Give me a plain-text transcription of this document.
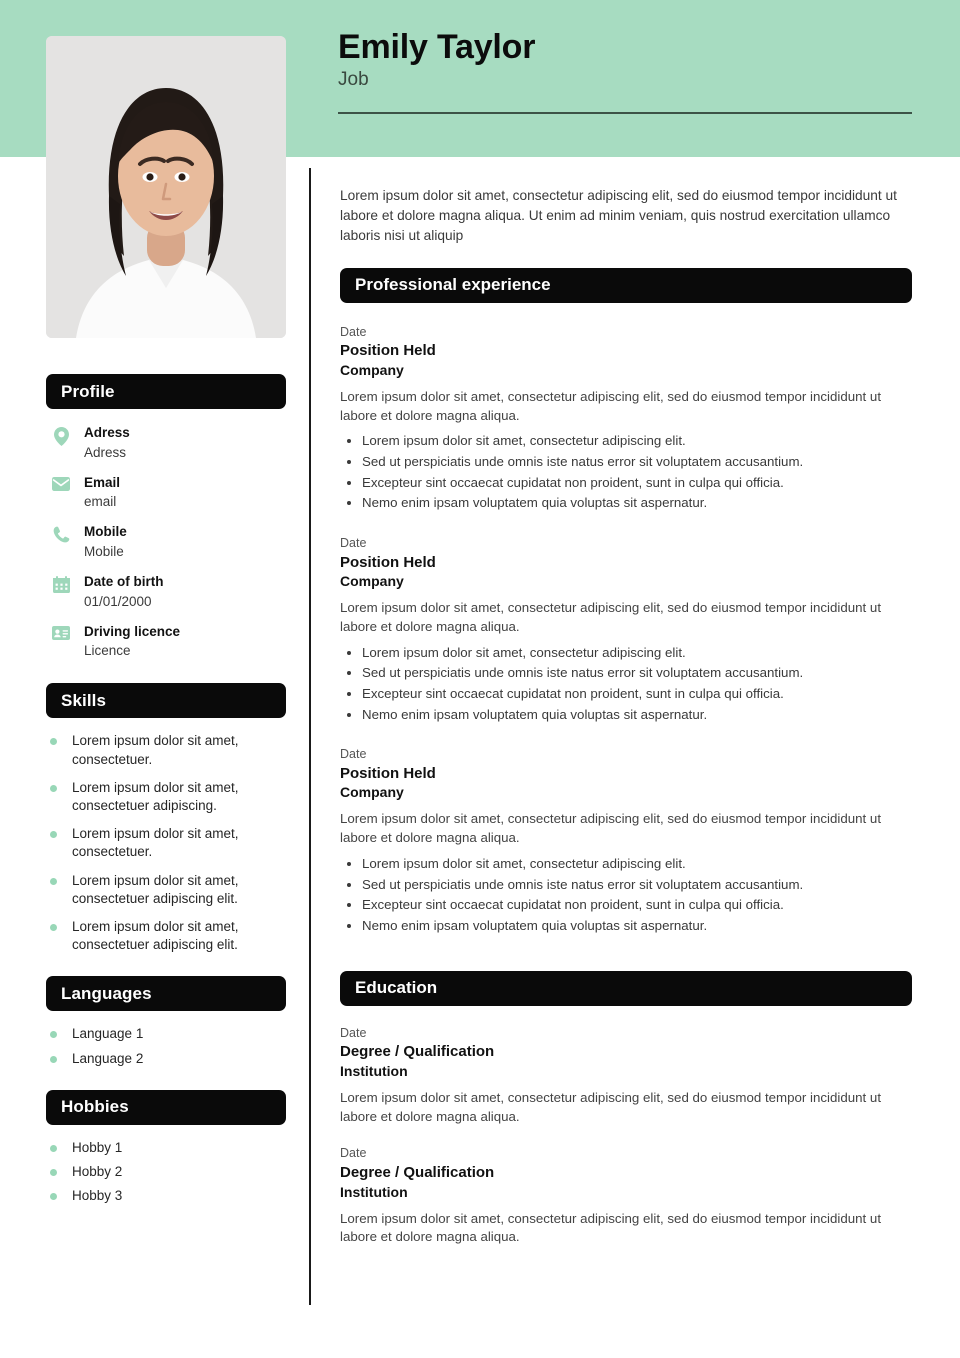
Emily Taylor
Job
Profile
Adress
Adress
Email
email
Mobile
Mobile
Date of birth
01/01/2000
Driving licence
Licence
Skills
Lorem ipsum dolor sit amet, consectetuer.
Lorem ipsum dolor sit amet, consectetuer adipiscing.
Lorem ipsum dolor sit amet, consectetuer.
Lorem ipsum dolor sit amet, consectetuer adipiscing elit.
Lorem ipsum dolor sit amet, consectetuer adipiscing elit.
Languages
Language 1
Language 2
Hobbies
Hobby 1
Hobby 2
Hobby 3

Lorem ipsum dolor sit amet, consectetur adipiscing elit, sed do eiusmod tempor incididunt ut labore et dolore magna aliqua. Ut enim ad minim veniam, quis nostrud exercitation ullamco laboris nisi ut aliquip

Professional experience
Date
Position Held
Company

Lorem ipsum dolor sit amet, consectetur adipiscing elit, sed do eiusmod tempor incididunt ut labore et dolore magna aliqua.

• Lorem ipsum dolor sit amet, consectetur adipiscing elit.
• Sed ut perspiciatis unde omnis iste natus error sit voluptatem accusantium.
• Excepteur sint occaecat cupidatat non proident, sunt in culpa qui officia.
• Nemo enim ipsam voluptatem quia voluptas sit aspernatur.
Date
Position Held
Company

Lorem ipsum dolor sit amet, consectetur adipiscing elit, sed do eiusmod tempor incididunt ut labore et dolore magna aliqua.

• Lorem ipsum dolor sit amet, consectetur adipiscing elit.
• Sed ut perspiciatis unde omnis iste natus error sit voluptatem accusantium.
• Excepteur sint occaecat cupidatat non proident, sunt in culpa qui officia.
• Nemo enim ipsam voluptatem quia voluptas sit aspernatur.
Date
Position Held
Company

Lorem ipsum dolor sit amet, consectetur adipiscing elit, sed do eiusmod tempor incididunt ut labore et dolore magna aliqua.

• Lorem ipsum dolor sit amet, consectetur adipiscing elit.
• Sed ut perspiciatis unde omnis iste natus error sit voluptatem accusantium.
• Excepteur sint occaecat cupidatat non proident, sunt in culpa qui officia.
• Nemo enim ipsam voluptatem quia voluptas sit aspernatur.
Education
Date
Degree / Qualification
Institution

Lorem ipsum dolor sit amet, consectetur adipiscing elit, sed do eiusmod tempor incididunt ut labore et dolore magna aliqua.

Date
Degree / Qualification
Institution

Lorem ipsum dolor sit amet, consectetur adipiscing elit, sed do eiusmod tempor incididunt ut labore et dolore magna aliqua.
